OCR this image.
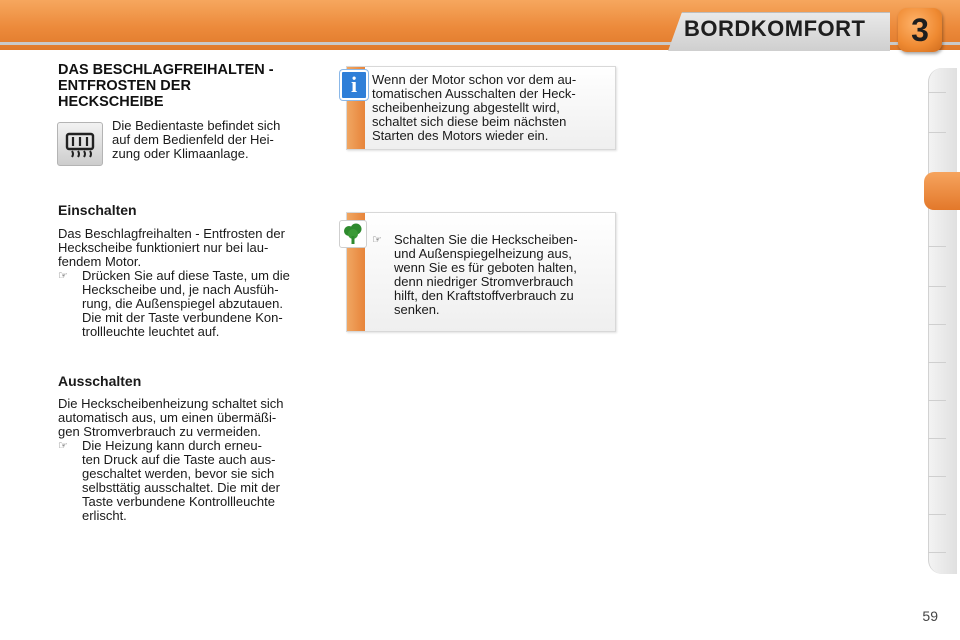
BORDKOMFORT	3
DAS BESCHLAGFREIHALTEN -
ENTFROSTEN DER
HECKSCHEIBE
Die Bedientaste befindet sich
auf dem Bedienfeld der Hei-
zung oder Klimaanlage.
Einschalten
Das Beschlagfreihalten - Entfrosten der
Heckscheibe funktioniert nur bei lau-
fendem Motor.
☞	Drücken Sie auf diese Taste, um die
Heckscheibe und, je nach Ausfüh-
rung, die Außenspiegel abzutauen.
Die mit der Taste verbundene Kon-
trollleuchte leuchtet auf.
Ausschalten
Die Heckscheibenheizung schaltet sich
automatisch aus, um einen übermäßi-
gen Stromverbrauch zu vermeiden.
☞	Die Heizung kann durch erneu-
ten Druck auf die Taste auch aus-
geschaltet werden, bevor sie sich
selbsttätig ausschaltet. Die mit der
Taste verbundene Kontrollleuchte
erlischt.
i	Wenn der Motor schon vor dem au-
tomatischen Ausschalten der Heck-
scheibenheizung abgestellt wird,
schaltet sich diese beim nächsten
Starten des Motors wieder ein.
☞ Schalten Sie die Heckscheiben-
und Außenspiegelheizung aus,
wenn Sie es für geboten halten,
denn niedriger Stromverbrauch
hilft, den Kraftstoffverbrauch zu
senken.
59
